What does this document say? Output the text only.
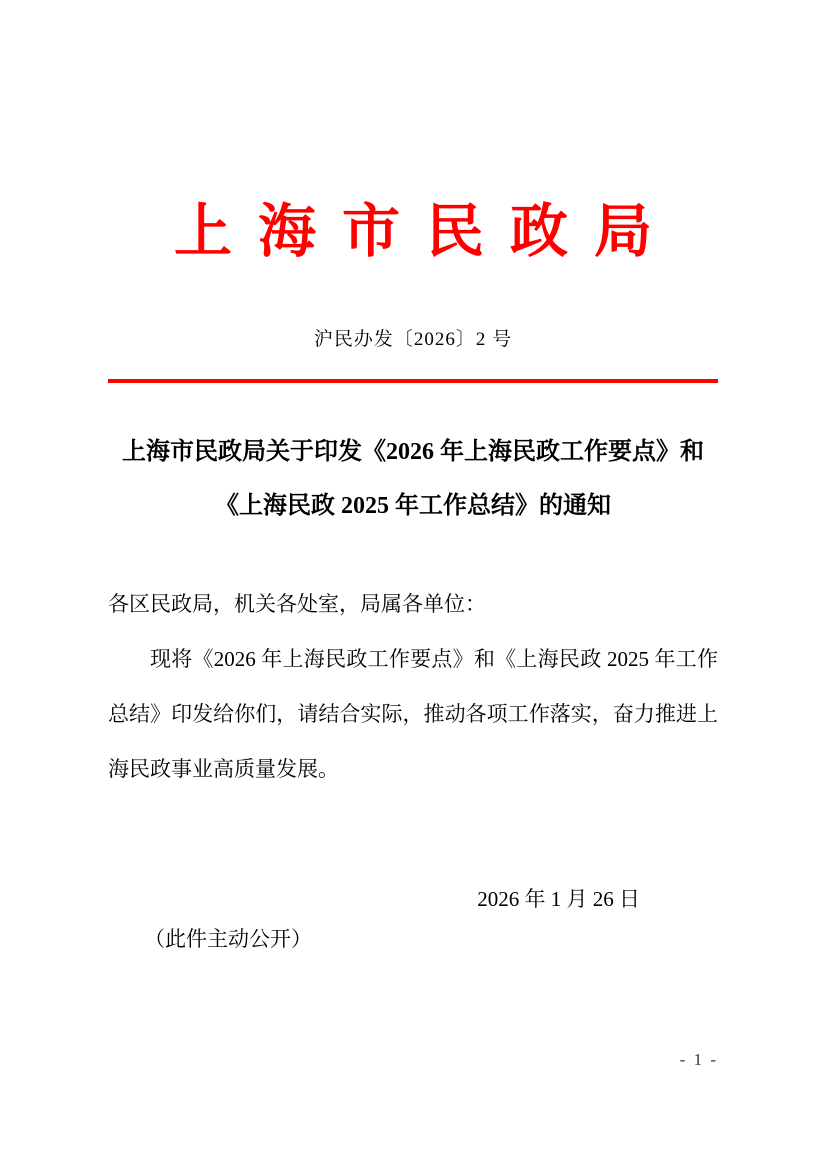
上海市民政局
沪民办发〔2026〕2 号
上海市民政局关于印发《2026 年上海民政工作要点》和
《上海民政 2025 年工作总结》的通知
各区民政局，机关各处室，局属各单位：
现将《2026 年上海民政工作要点》和《上海民政 2025 年工作总结》印发给你们，请结合实际，推动各项工作落实，奋力推进上海民政事业高质量发展。
2026 年 1 月 26 日
（此件主动公开）
- 1 -
